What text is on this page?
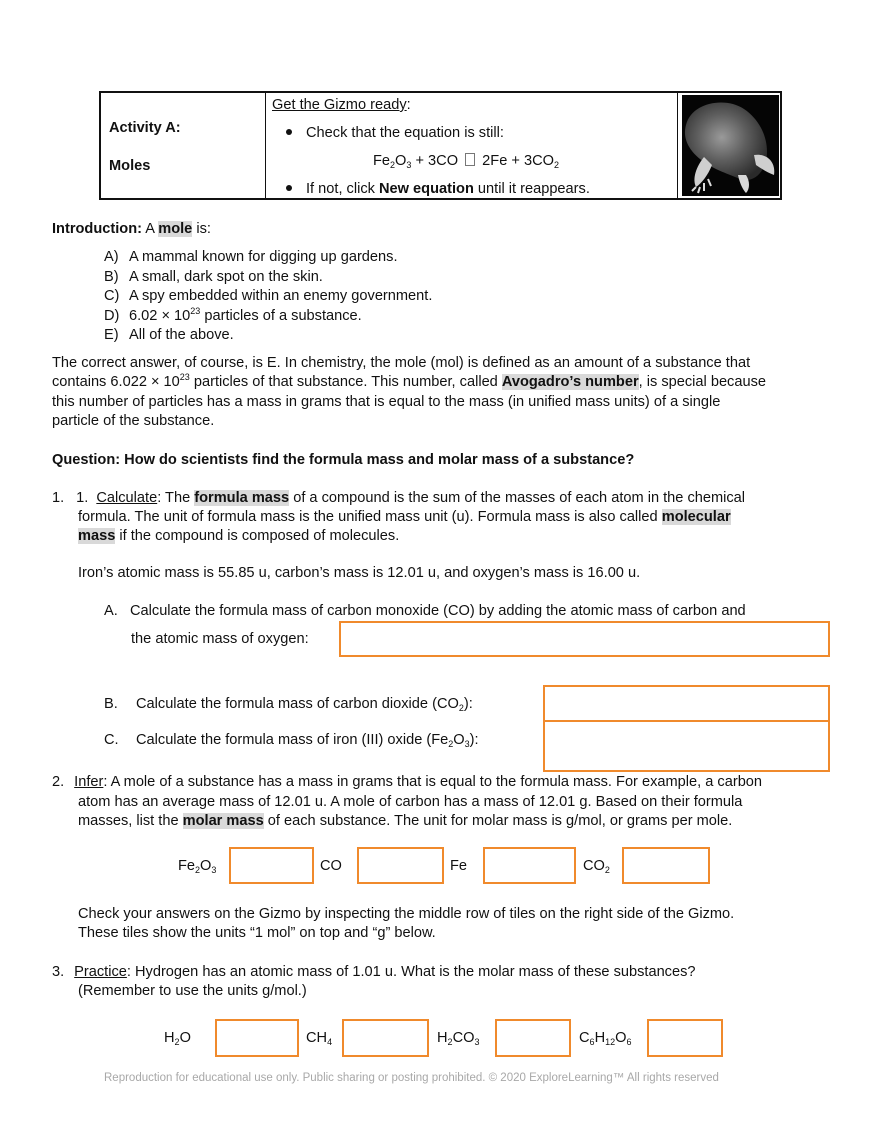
Activity A:
Moles
Get the Gizmo ready:
Check that the equation is still:
$Fe_2O_3 + 3CO$  $2Fe + 3CO_2$
If not, click New equation until it reappears.
Introduction: A mole is:
A) A mammal known for digging up gardens.
B) A small, dark spot on the skin.
C) A spy embedded within an enemy government.
D) $6.02 \times 10^{23}$ particles of a substance.
E) All of the above.
The correct answer, of course, is E. In chemistry, the mole (mol) is defined as an amount of a substance that
contains $6.022 \times 10^{23}$ particles of that substance. This number, called Avogadro’s number, is special because
this number of particles has a mass in grams that is equal to the mass (in unified mass units) of a single
particle of the substance.
Question: How do scientists find the formula mass and molar mass of a substance?
1. 1. Calculate: The formula mass of a compound is the sum of the masses of each atom in the chemical
formula. The unit of formula mass is the unified mass unit (u). Formula mass is also called molecular
mass if the compound is composed of molecules.
Iron’s atomic mass is 55.85 u, carbon’s mass is 12.01 u, and oxygen’s mass is 16.00 u.
A. Calculate the formula mass of carbon monoxide (CO) by adding the atomic mass of carbon and
the atomic mass of oxygen:
B. Calculate the formula mass of carbon dioxide $(CO_2)$:
C. Calculate the formula mass of iron (III) oxide $(Fe_2O_3)$:
2. Infer: A mole of a substance has a mass in grams that is equal to the formula mass. For example, a carbon
atom has an average mass of 12.01 u. A mole of carbon has a mass of 12.01 g. Based on their formula
masses, list the molar mass of each substance. The unit for molar mass is g/mol, or grams per mole.
$Fe_2O_3$	CO	Fe	$CO_2$
Check your answers on the Gizmo by inspecting the middle row of tiles on the right side of the Gizmo.
These tiles show the units “1 mol” on top and “g” below.
3. Practice: Hydrogen has an atomic mass of 1.01 u. What is the molar mass of these substances?
(Remember to use the units g/mol.)
$H_2O$	$CH_4$	$H_2CO_3$	$C_6H_{12}O_6$
Reproduction for educational use only. Public sharing or posting prohibited. © 2020 ExploreLearning™ All rights reserved
